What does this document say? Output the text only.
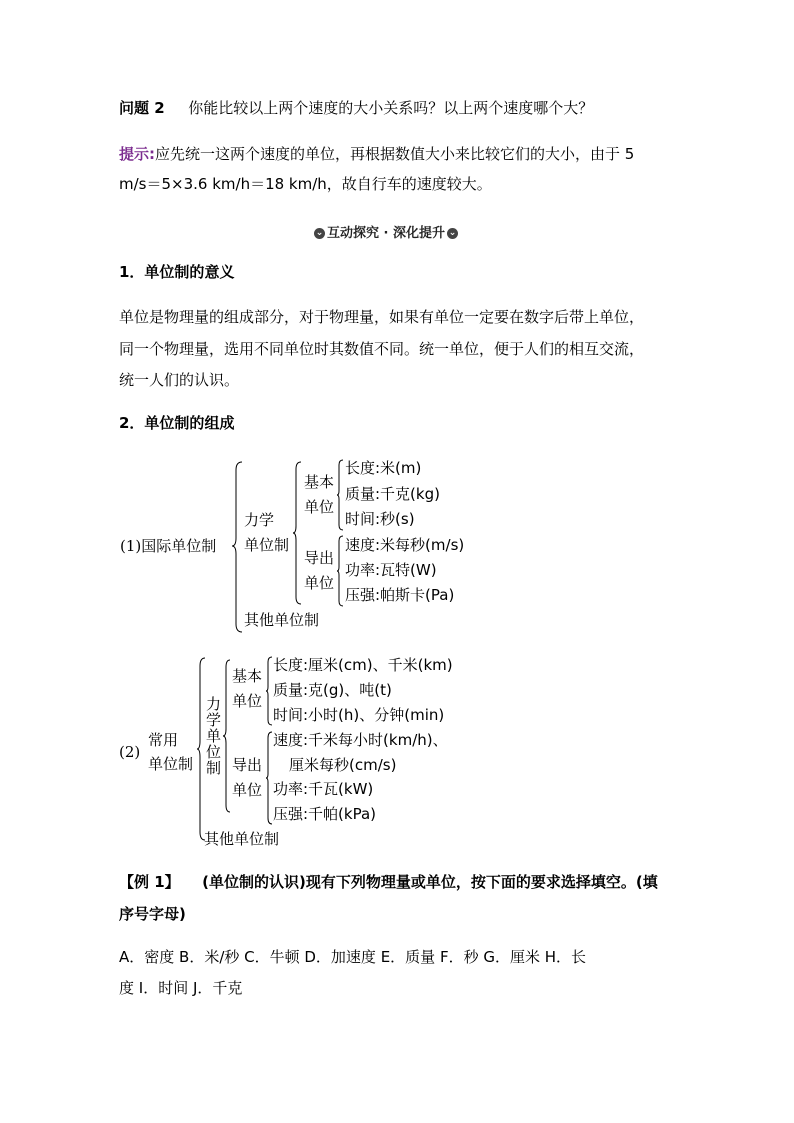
问题 2 你能比较以上两个速度的大小关系吗？以上两个速度哪个大？
提示:应先统一这两个速度的单位，再根据数值大小来比较它们的大小，由于 5
m/s＝5×3.6 km/h＝18 km/h，故自行车的速度较大。
⌄ 互动探究 · 深化提升 ⌄
1．单位制的意义
单位是物理量的组成部分，对于物理量，如果有单位一定要在数字后带上单位，
同一个物理量，选用不同单位时其数值不同。统一单位，便于人们的相互交流，
统一人们的认识。
2．单位制的组成
(1)国际单位制
力学
单位制
基本
单位
长度:米(m)
质量:千克(kg)
时间:秒(s)
导出
单位
速度:米每秒(m/s)
功率:瓦特(W)
压强:帕斯卡(Pa)
其他单位制
(2)
常用
单位制
力
学
单
位
制
基本
单位
长度:厘米(cm)、千米(km)
质量:克(g)、吨(t)
时间:小时(h)、分钟(min)
导出
单位
速度:千米每小时(km/h)、
厘米每秒(cm/s)
功率:千瓦(kW)
压强:千帕(kPa)
其他单位制
【例 1】 (单位制的认识)现有下列物理量或单位，按下面的要求选择填空。(填
序号字母)
A．密度 B．米/秒 C．牛顿 D．加速度 E．质量 F．秒 G．厘米 H．长
度 I．时间 J．千克
